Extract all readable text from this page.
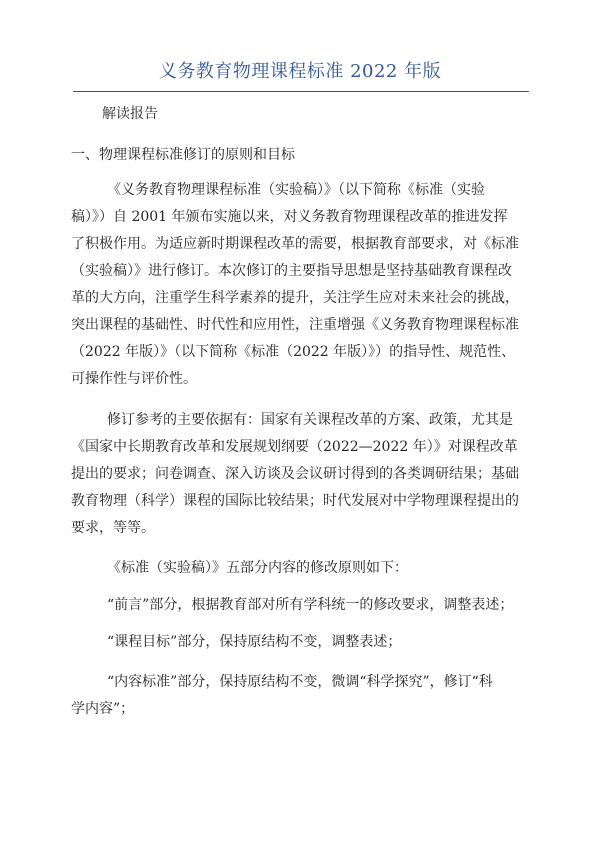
义务教育物理课程标准 2022 年版

解读报告

一、物理课程标准修订的原则和目标

《义务教育物理课程标准（实验稿）》（以下简称《标准（实验
稿）》）自 2001 年颁布实施以来，对义务教育物理课程改革的推进发挥
了积极作用。为适应新时期课程改革的需要，根据教育部要求，对《标准
（实验稿）》进行修订。本次修订的主要指导思想是坚持基础教育课程改
革的大方向，注重学生科学素养的提升，关注学生应对未来社会的挑战，
突出课程的基础性、时代性和应用性，注重增强《义务教育物理课程标准
（2022 年版）》（以下简称《标准（2022 年版）》）的指导性、规范性、
可操作性与评价性。
修订参考的主要依据有：国家有关课程改革的方案、政策，尤其是
《国家中长期教育改革和发展规划纲要（2022—2022 年）》对课程改革
提出的要求；问卷调查、深入访谈及会议研讨得到的各类调研结果；基础
教育物理（科学）课程的国际比较结果；时代发展对中学物理课程提出的
要求，等等。
《标准（实验稿）》五部分内容的修改原则如下：
“前言”部分，根据教育部对所有学科统一的修改要求，调整表述；
“课程目标”部分，保持原结构不变，调整表述；
“内容标准”部分，保持原结构不变，微调“科学探究”，修订“科
学内容”；
